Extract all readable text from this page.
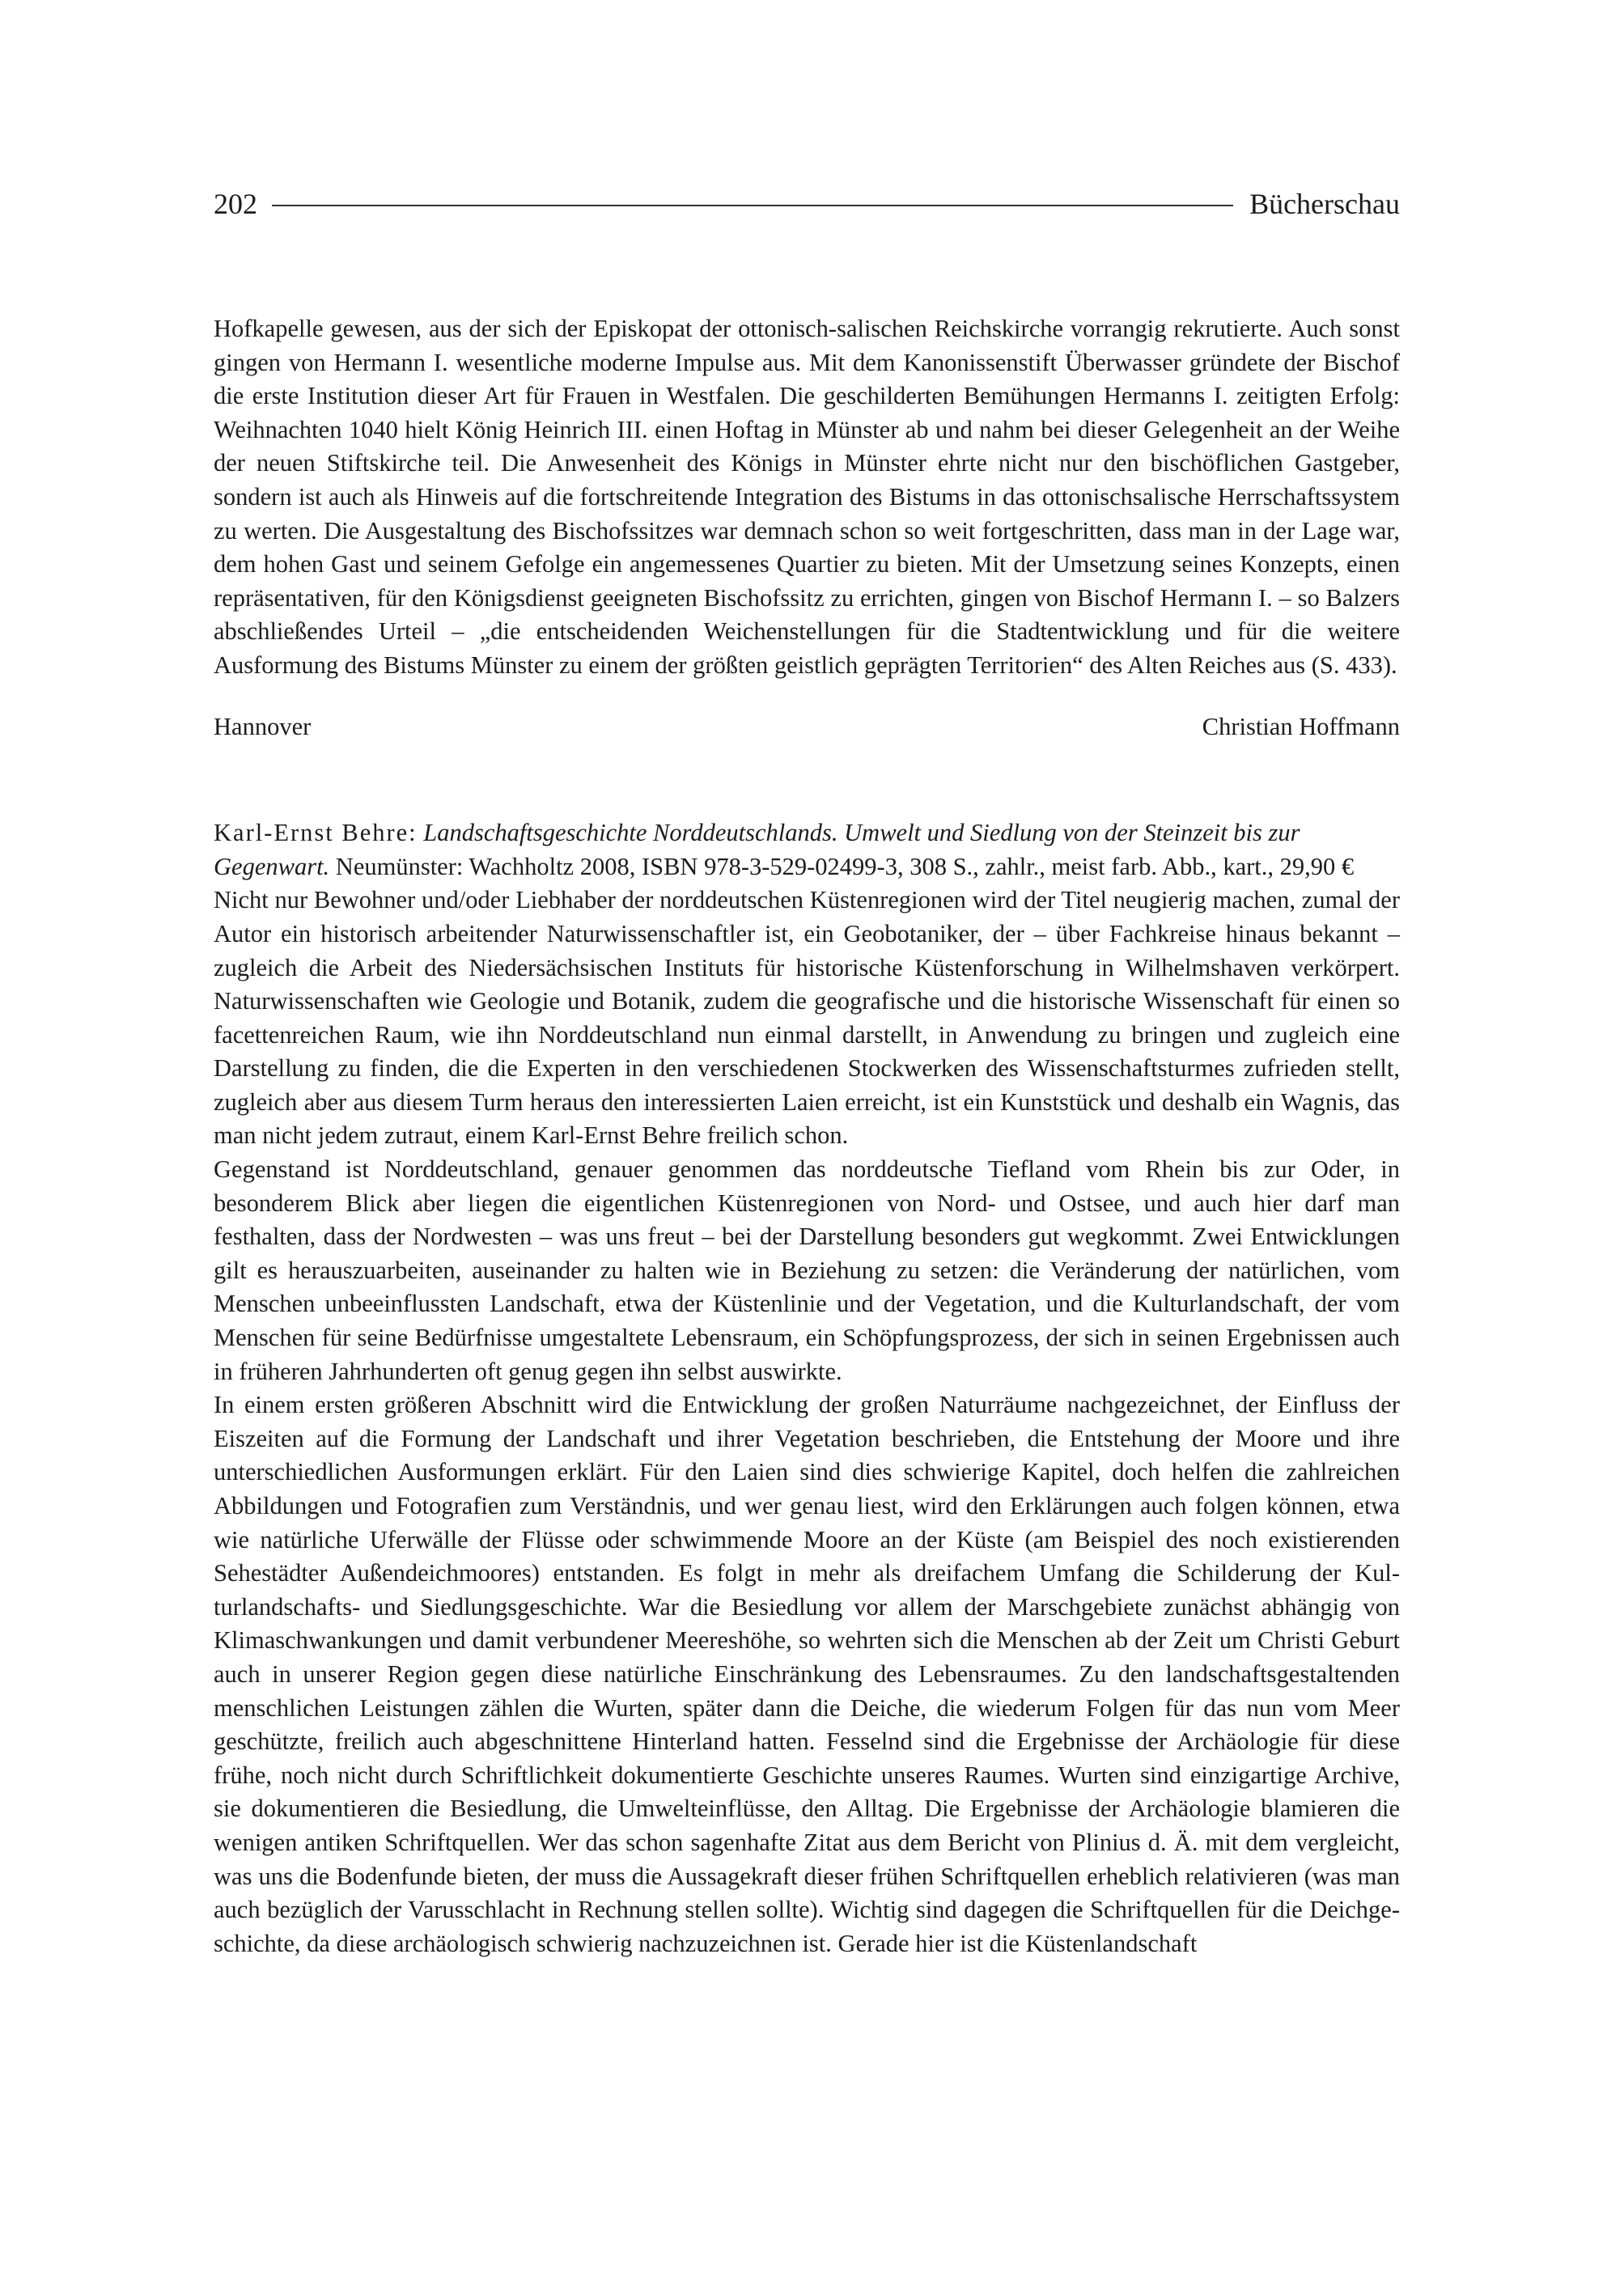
202	Bücherschau

Hofkapelle gewesen, aus der sich der Episkopat der ottonisch-salischen Reichskirche vorrangig rekrutierte. Auch sonst gingen von Hermann I. wesentliche moderne Impulse aus. Mit dem Kanonissenstift Überwasser gründete der Bischof die erste Institution dieser Art für Frauen in Westfalen. Die geschilderten Bemühungen Hermanns I. zeitigten Erfolg: Weihnachten 1040 hielt König Heinrich III. einen Hoftag in Münster ab und nahm bei dieser Gelegenheit an der Weihe der neuen Stiftskirche teil. Die Anwesenheit des Königs in Münster ehrte nicht nur den bischöflichen Gastgeber, sondern ist auch als Hinweis auf die fortschreitende Integration des Bistums in das ottonischsalische Herrschaftssystem zu werten. Die Ausgestaltung des Bischofssitzes war demnach schon so weit fortgeschritten, dass man in der Lage war, dem hohen Gast und seinem Gefolge ein angemessenes Quartier zu bieten. Mit der Umsetzung seines Konzepts, einen repräsentativen, für den Königsdienst geeigneten Bischofssitz zu errichten, gingen von Bischof Hermann I. – so Balzers abschließendes Urteil – „die entscheidenden Weichenstellungen für die Stadtentwicklung und für die weitere Ausformung des Bistums Münster zu einem der größten geistlich geprägten Territorien“ des Alten Reiches aus (S. 433).

Hannover	Christian Hoffmann
Karl-Ernst Behre: Landschaftsgeschichte Norddeutschlands. Umwelt und Siedlung von der Steinzeit bis zur Gegenwart. Neumünster: Wachholtz 2008, ISBN 978-3-529-02499-3, 308 S., zahlr., meist farb. Abb., kart., 29,90 €

Nicht nur Bewohner und/oder Liebhaber der norddeutschen Küstenregionen wird der Titel neugierig machen, zumal der Autor ein historisch arbeitender Naturwissenschaftler ist, ein Geobotaniker, der – über Fachkreise hinaus bekannt – zugleich die Arbeit des Niedersächsischen Instituts für historische Küstenforschung in Wilhelmshaven verkörpert. Naturwissenschaften wie Geologie und Botanik, zudem die geografische und die historische Wissenschaft für einen so facettenreichen Raum, wie ihn Norddeutschland nun einmal darstellt, in Anwendung zu bringen und zugleich eine Darstellung zu finden, die die Experten in den verschiedenen Stockwerken des Wissenschaftsturmes zufrieden stellt, zugleich aber aus diesem Turm heraus den interessierten Laien erreicht, ist ein Kunststück und deshalb ein Wagnis, das man nicht jedem zutraut, einem Karl-Ernst Behre freilich schon.

Gegenstand ist Norddeutschland, genauer genommen das norddeutsche Tiefland vom Rhein bis zur Oder, in besonderem Blick aber liegen die eigentlichen Küstenregionen von Nord- und Ostsee, und auch hier darf man festhalten, dass der Nordwesten – was uns freut – bei der Darstellung besonders gut wegkommt. Zwei Entwicklungen gilt es herauszuarbeiten, auseinander zu halten wie in Beziehung zu setzen: die Veränderung der natürlichen, vom Menschen unbeeinflussten Landschaft, etwa der Küstenlinie und der Vegetation, und die Kulturlandschaft, der vom Menschen für seine Bedürfnisse umgestaltete Lebensraum, ein Schöpfungsprozess, der sich in seinen Ergebnissen auch in früheren Jahrhunderten oft genug gegen ihn selbst auswirkte.

In einem ersten größeren Abschnitt wird die Entwicklung der großen Naturräume nachgezeichnet, der Einfluss der Eiszeiten auf die Formung der Landschaft und ihrer Vegetation beschrieben, die Entstehung der Moore und ihre unterschiedlichen Ausformungen erklärt. Für den Laien sind dies schwierige Kapitel, doch helfen die zahlreichen Abbildungen und Fotografien zum Verständnis, und wer genau liest, wird den Erklärungen auch folgen können, etwa wie natürliche Uferwälle der Flüsse oder schwimmende Moore an der Küste (am Beispiel des noch existierenden Sehestädter Außendeichmoores) entstanden. Es folgt in mehr als dreifachem Umfang die Schilderung der Kulturlandschafts- und Siedlungsgeschichte. War die Besiedlung vor allem der Marschgebiete zunächst abhängig von Klimaschwankungen und damit verbundener Meereshöhe, so wehrten sich die Menschen ab der Zeit um Christi Geburt auch in unserer Region gegen diese natürliche Einschränkung des Lebensraumes. Zu den landschaftsgestaltenden menschlichen Leistungen zählen die Wurten, später dann die Deiche, die wiederum Folgen für das nun vom Meer geschützte, freilich auch abgeschnittene Hinterland hatten. Fesselnd sind die Ergebnisse der Archäologie für diese frühe, noch nicht durch Schriftlichkeit dokumentierte Geschichte unseres Raumes. Wurten sind einzigartige Archive, sie dokumentieren die Besiedlung, die Umwelteinflüsse, den Alltag. Die Ergebnisse der Archäologie blamieren die wenigen antiken Schriftquellen. Wer das schon sagenhafte Zitat aus dem Bericht von Plinius d. Ä. mit dem vergleicht, was uns die Bodenfunde bieten, der muss die Aussagekraft dieser frühen Schriftquellen erheblich relativieren (was man auch bezüglich der Varusschlacht in Rechnung stellen sollte). Wichtig sind dagegen die Schriftquellen für die Deichgeschichte, da diese archäologisch schwierig nachzuzeichnen ist. Gerade hier ist die Küstenlandschaft
